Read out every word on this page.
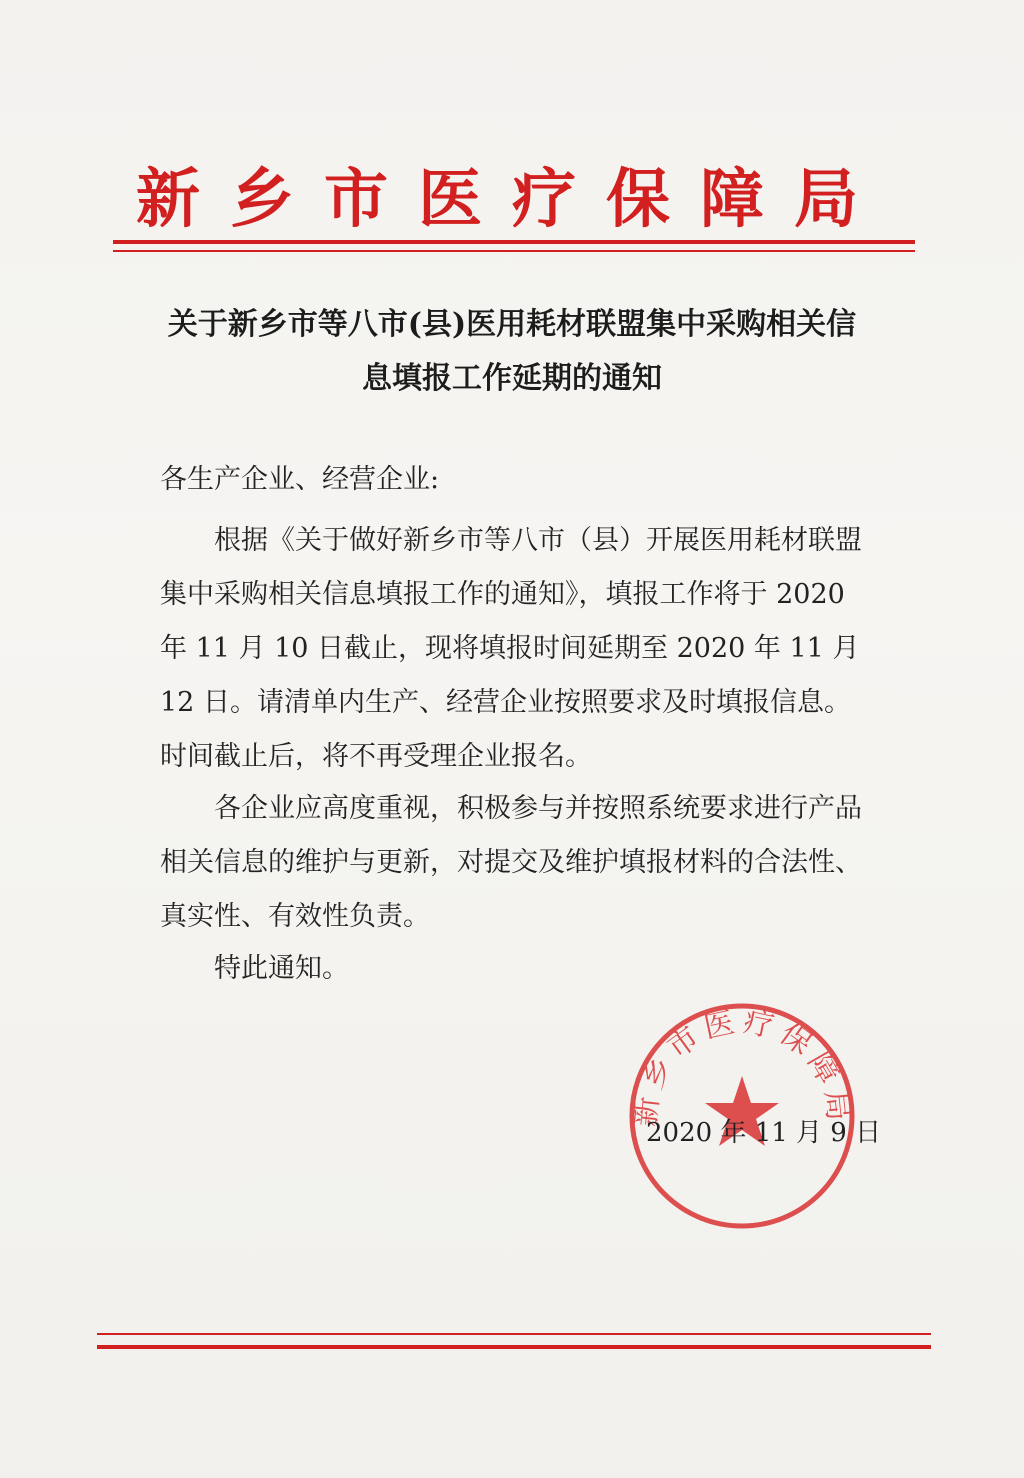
新乡市医疗保障局
关于新乡市等八市(县)医用耗材联盟集中采购相关信
息填报工作延期的通知
各生产企业、经营企业:

根据《关于做好新乡市等八市（县）开展医用耗材联盟集中采购相关信息填报工作的通知》，填报工作将于 2020 年 11 月 10 日截止，现将填报时间延期至 2020 年 11 月 12 日。请清单内生产、经营企业按照要求及时填报信息。时间截止后，将不再受理企业报名。

各企业应高度重视，积极参与并按照系统要求进行产品相关信息的维护与更新，对提交及维护填报材料的合法性、真实性、有效性负责。

特此通知。

新乡市医疗保障局
2020 年 11 月 9 日
